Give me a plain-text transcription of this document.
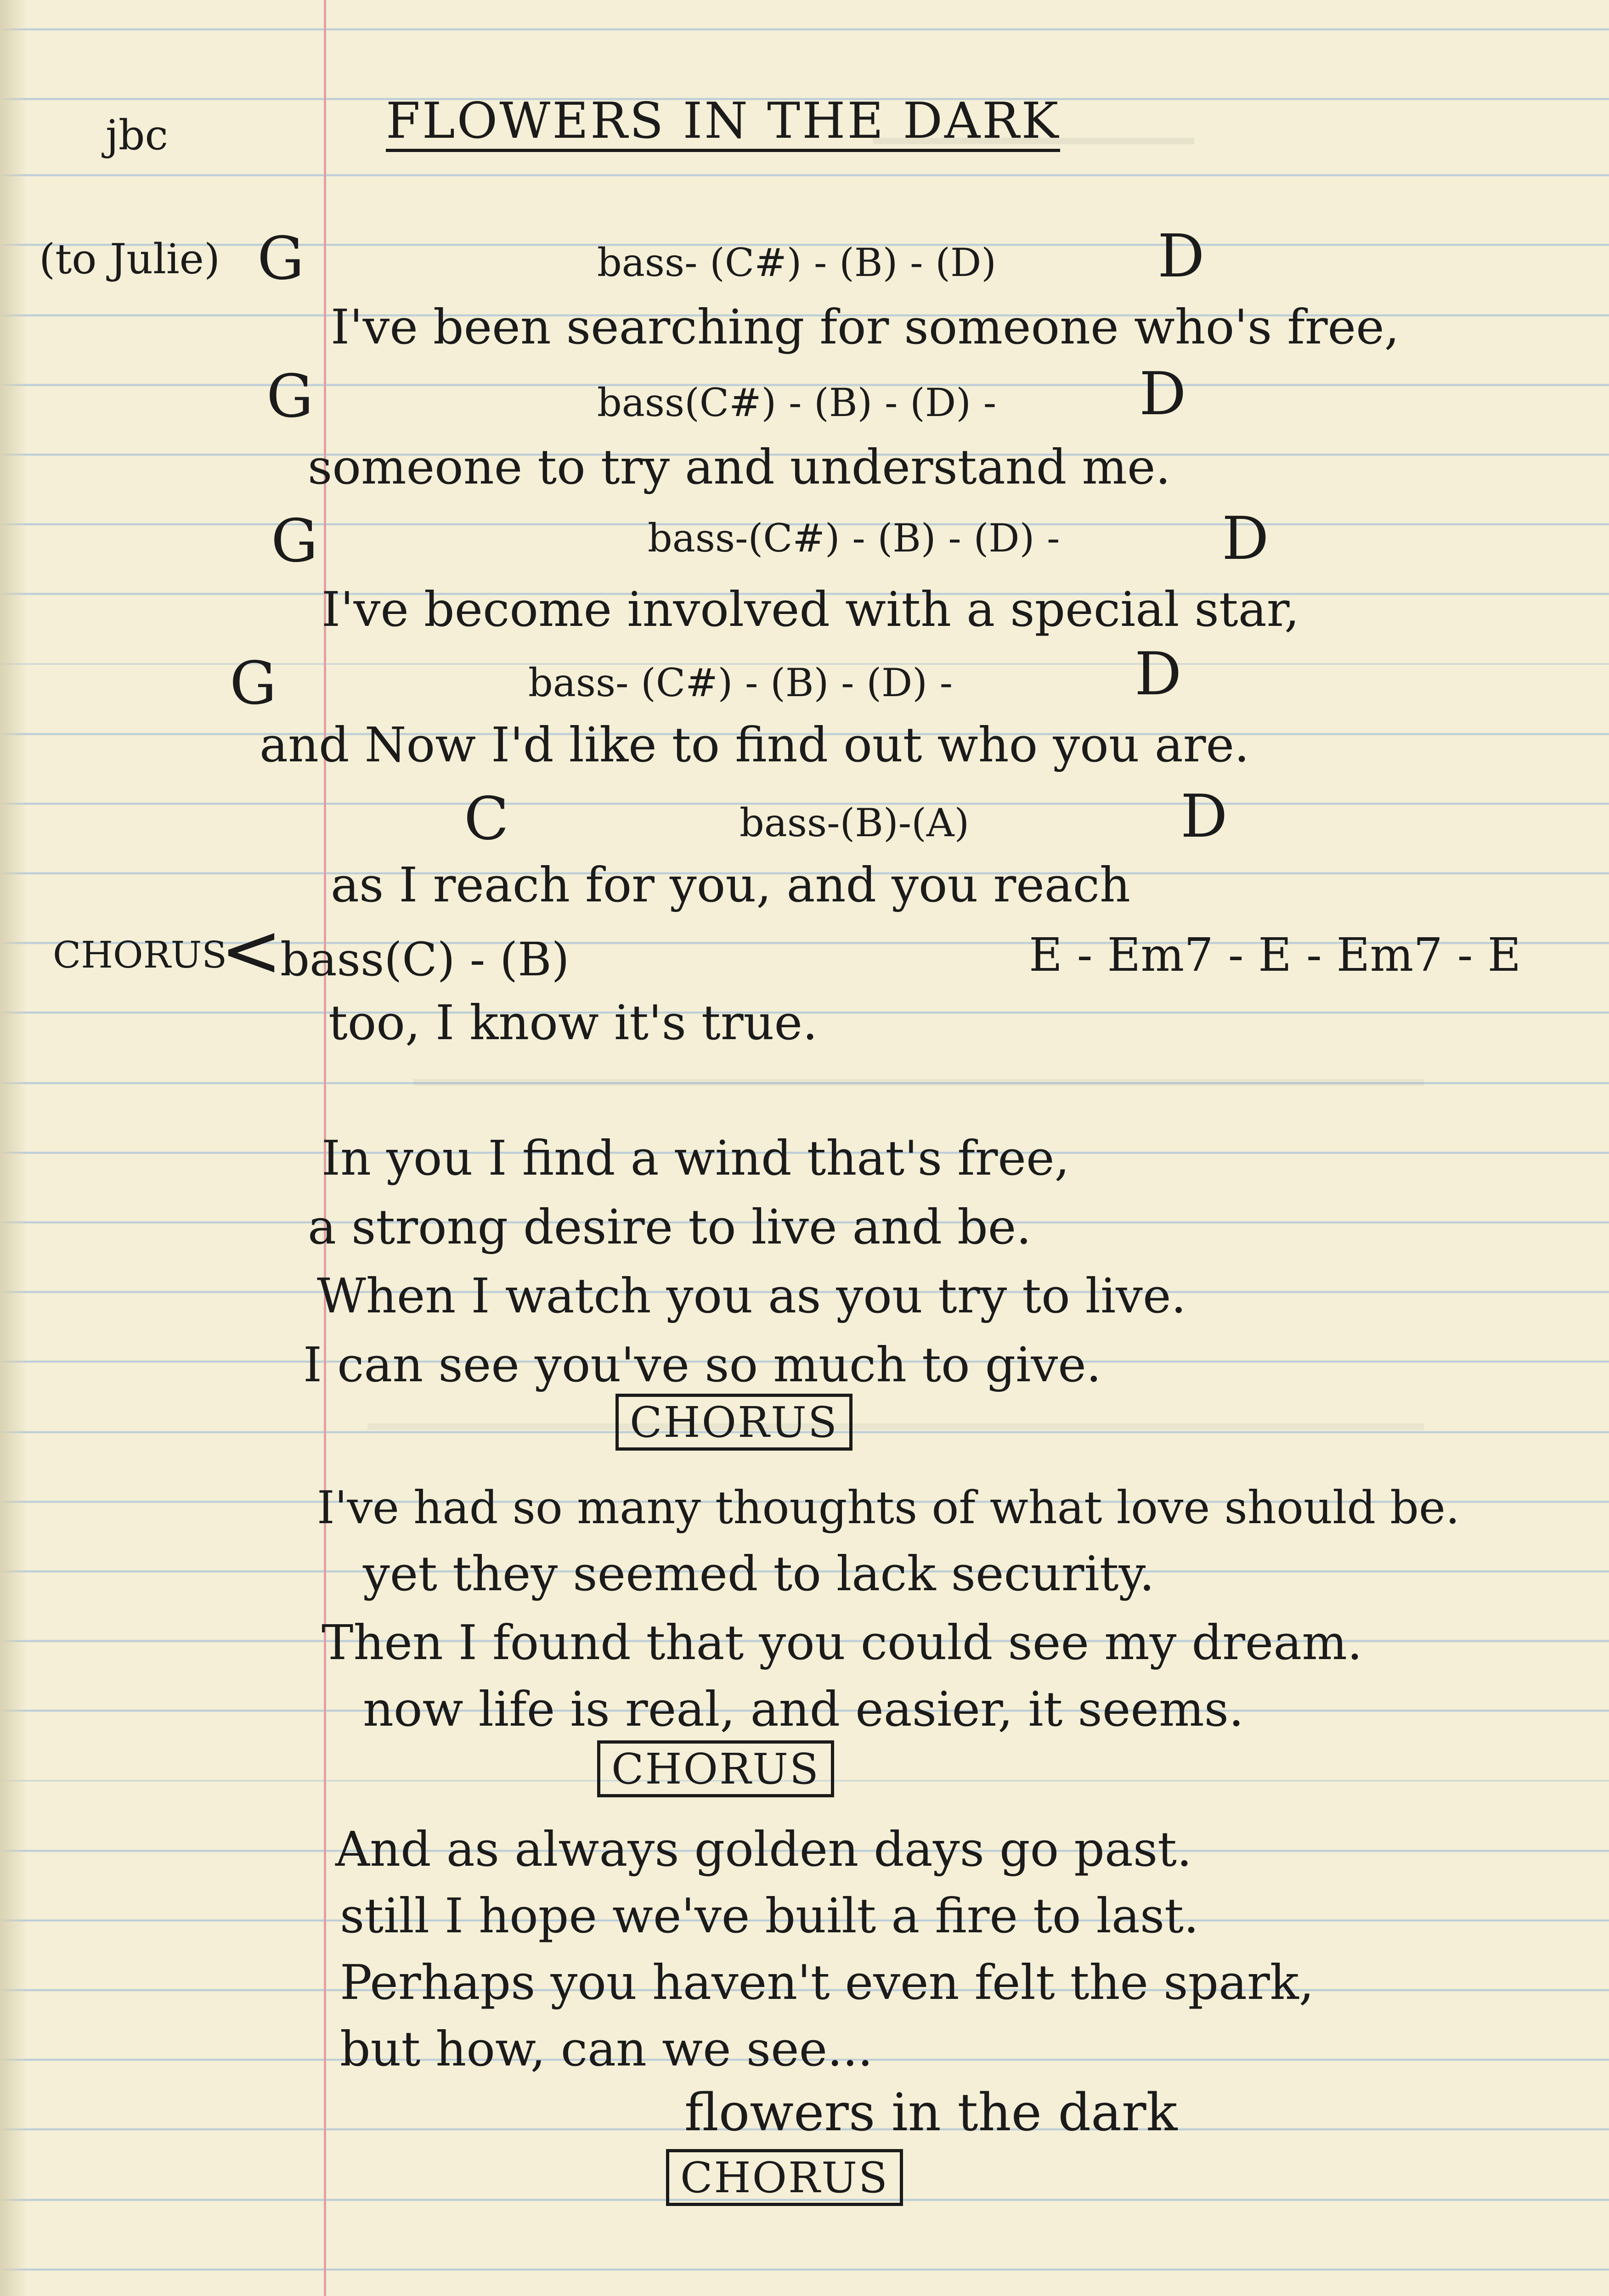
jbc	FLOWERS IN THE DARK
(to Julie) G	bass- (C#) - (B) - (D)	D
I've been searching for someone who's free,
G	bass(C#) - (B) - (D) - D
someone to try and understand me.
G	bass-(C#) - (B) - (D) -	D
I've become involved with a special star,
G	bass- (C#) - (B) - (D) -	D
and Now I'd like to find out who you are.
C	bass-(B)-(A)	D
as I reach for you, and you reach
CHORUS
<
bass(C) - (B)	E - Em7 - E - Em7 - E
too, I know it's true.
In you I find a wind that's free,
a strong desire to live and be.
When I watch you as you try to live.
I can see you've so much to give.
CHORUS
I've had so many thoughts of what love should be.
yet they seemed to lack security.
Then I found that you could see my dream.
now life is real, and easier, it seems.
CHORUS
And as always golden days go past.
still I hope we've built a fire to last.
Perhaps you haven't even felt the spark,
but how, can we see...
flowers in the dark
CHORUS
